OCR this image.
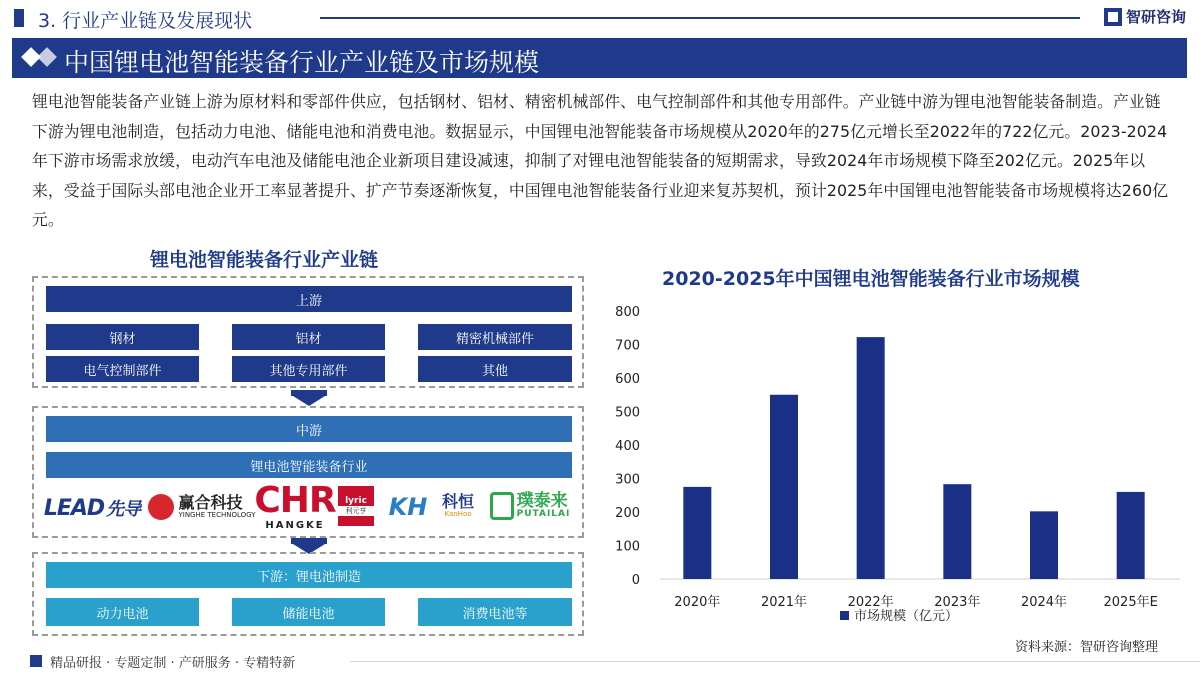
3. 行业产业链及发展现状	智研咨询
中国锂电池智能装备行业产业链及市场规模
锂电池智能装备产业链上游为原材料和零部件供应，包括钢材、铝材、精密机械部件、电气控制部件和其他专用部件。产业链中游为锂电池智能装备制造。产业链下游为锂电池制造，包括动力电池、储能电池和消费电池。数据显示，中国锂电池智能装备市场规模从2020年的275亿元增长至2022年的722亿元。2023-2024年下游市场需求放缓，电动汽车电池及储能电池企业新项目建设减速，抑制了对锂电池智能装备的短期需求，导致2024年市场规模下降至202亿元。2025年以来，受益于国际头部电池企业开工率显著提升、扩产节奏逐渐恢复，中国锂电池智能装备行业迎来复苏契机，预计2025年中国锂电池智能装备市场规模将达260亿元。
锂电池智能装备行业产业链
上游
钢材	铝材	精密机械部件
电气控制部件	其他专用部件	其他
中游
锂电池智能装备行业
LEAD 先导 赢合科技
YINGHE TECHNOLOGY
CHR
HANGKE
lyric
利元亨 KH 科恒
KanHoo
璞泰来
PUTAILAI
下游：锂电池制造
动力电池	储能电池	消费电池等
2020-2025年中国锂电池智能装备行业市场规模
0
100
200
300
400
500
600
700
800
2020年	2021年	2022年	2023年	2024年	2025年E
市场规模（亿元）
资料来源：智研咨询整理
精品研报 · 专题定制 · 产研服务 · 专精特新
